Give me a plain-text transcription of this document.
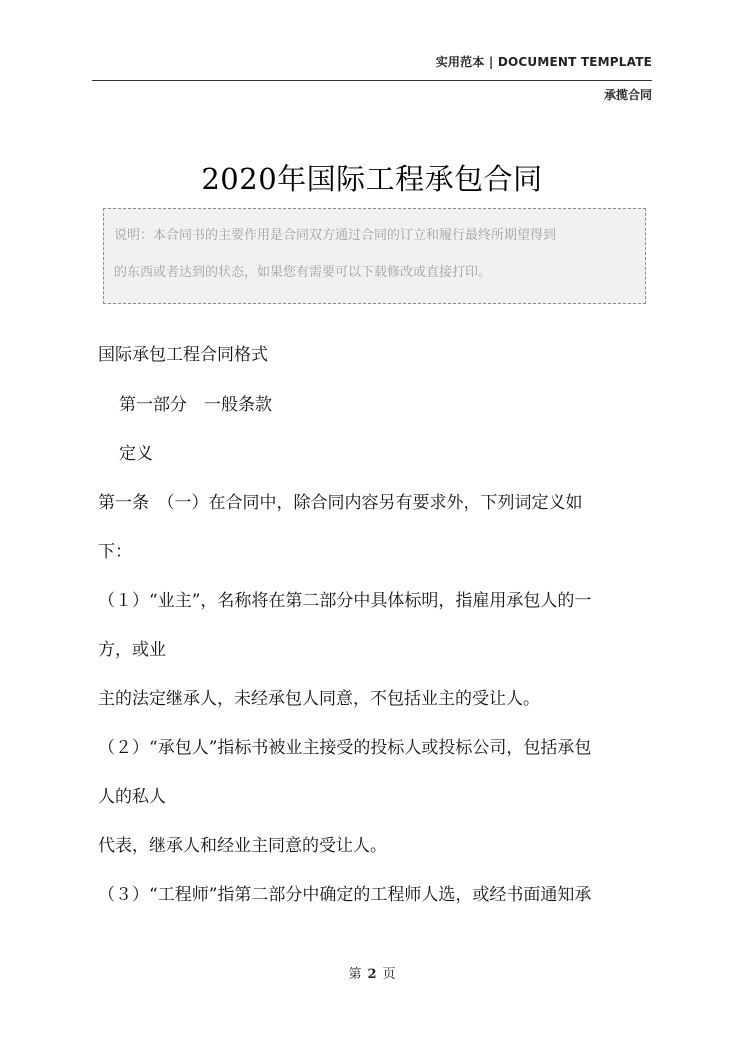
实用范本 | DOCUMENT TEMPLATE
承揽合同
2020年国际工程承包合同
说明：本合同书的主要作用是合同双方通过合同的订立和履行最终所期望得到
的东西或者达到的状态，如果您有需要可以下载修改或直接打印。
国际承包工程合同格式
第一部分　一般条款
定义
第一条　（一）在合同中，除合同内容另有要求外，下列词定义如
下：
（１）“业主”，名称将在第二部分中具体标明，指雇用承包人的一
方，或业
主的法定继承人，未经承包人同意，不包括业主的受让人。
（２）“承包人”指标书被业主接受的投标人或投标公司，包括承包
人的私人
代表，继承人和经业主同意的受让人。
（３）“工程师”指第二部分中确定的工程师人选，或经书面通知承
第 2 页
